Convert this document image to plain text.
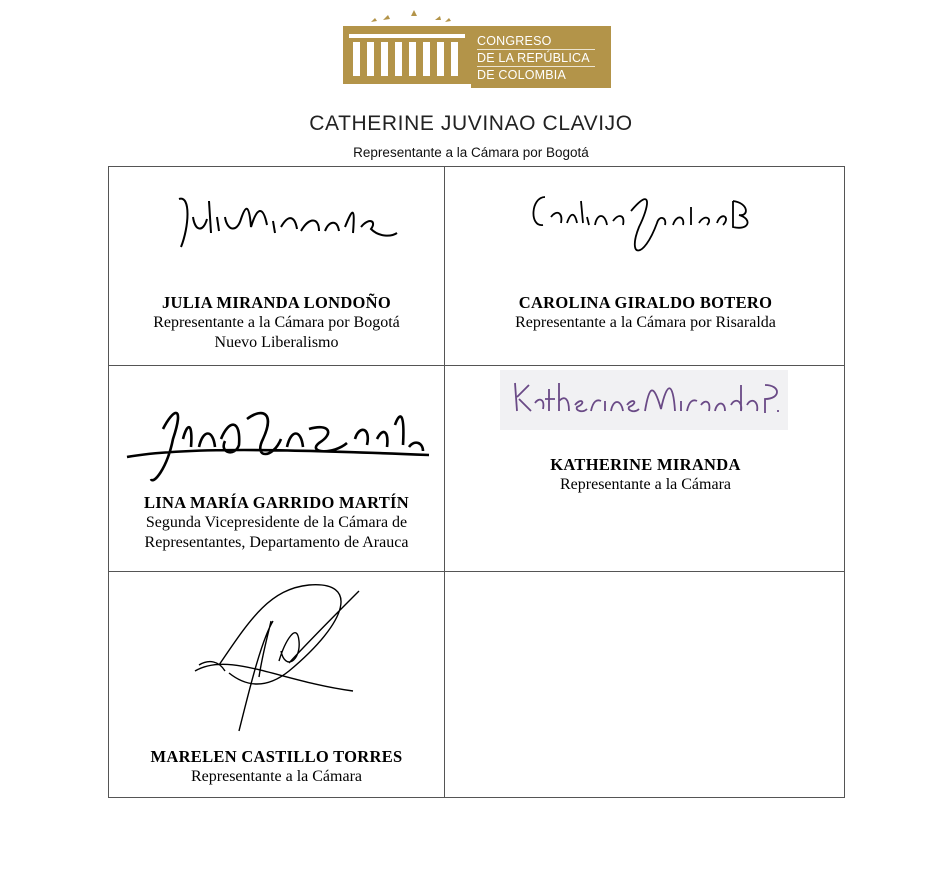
CONGRESO
DE LA REPÚBLICA
DE COLOMBIA
CATHERINE JUVINAO CLAVIJO
Representante a la Cámara por Bogotá
JULIA MIRANDA LONDOÑO
Representante a la Cámara por Bogotá
Nuevo Liberalismo
CAROLINA GIRALDO BOTERO
Representante a la Cámara por Risaralda
LINA MARÍA GARRIDO MARTÍN
Segunda Vicepresidente de la Cámara de
Representantes, Departamento de Arauca
KATHERINE MIRANDA
Representante a la Cámara
MARELEN CASTILLO TORRES
Representante a la Cámara
